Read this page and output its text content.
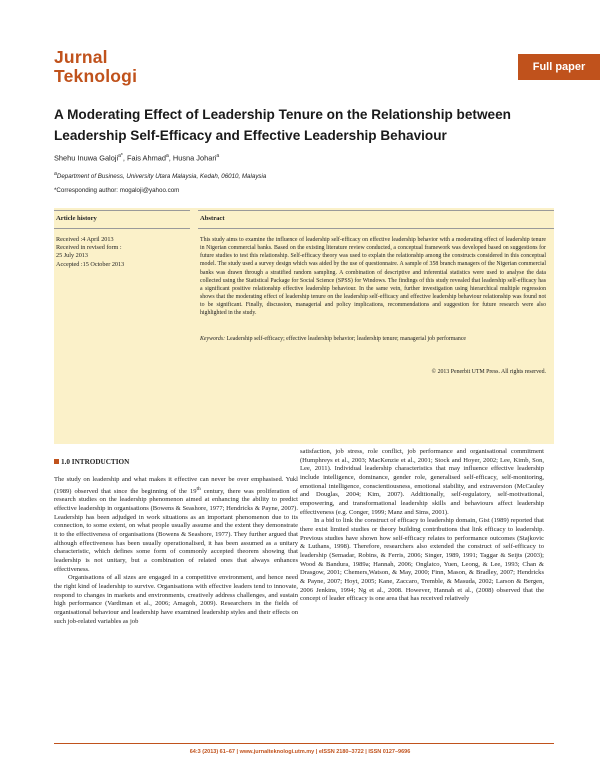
Jurnal
Teknologi	Full paper
A Moderating Effect of Leadership Tenure on the Relationship between Leadership Self-Efficacy and Effective Leadership Behaviour
Shehu Inuwa Galoji$^{a*}$, Fais Ahmad$^a$, Husna Johari$^a$
$^a$Department of Business, University Utara Malaysia, Kedah, 06010, Malaysia
*Corresponding author: mogaloji@yahoo.com
Article history
Received :4 April 2013
Received in revised form :
25 July 2013
Accepted :15 October 2013
Abstract

This study aims to examine the influence of leadership self-efficacy on effective leadership behavior with a moderating effect of leadership tenure in Nigerian commercial banks. Based on the existing literature review conducted, a conceptual framework was developed based on suggestions for future studies to test this relationship. Self-efficacy theory was used to explain the relationship among the constructs considered in this conceptual model. The study used a survey design which was aided by the use of questionnaire. A sample of 358 branch managers of the Nigerian commercial banks was drawn through a stratified random sampling. A combination of descriptive and inferential statistics were used to analyse the data collected using the Statistical Package for Social Science (SPSS) for Windows. The findings of this study revealed that leadership self-efficacy has a significant positive relationship effective leadership behaviour. In the same vein, further investigation using hierarchical multiple regression shows that the moderating effect of leadership tenure on the leadership self-efficacy and effective leadership behaviour relationship was found not to be significant. Finally, discussion, managerial and policy implications, recommendations and suggestion for future research were also highlighted in the study.

Keywords: Leadership self-efficacy; effective leadership behavior; leadership tenure; managerial job performance

© 2013 Penerbit UTM Press. All rights reserved.
1.0 INTRODUCTION

The study on leadership and what makes it effective can never be over emphasised. Yukl (1989) observed that since the beginning of the 19th century, there was proliferation of research studies on the leadership phenomenon aimed at enhancing the ability to predict effective leadership in organisations (Bowens & Seashore, 1977; Hendricks & Payne, 2007). Leadership has been adjudged in work situations as an important phenomenon due to its connection, to some extent, on what people usually assume and the extent they demonstrate it to the effectiveness of organisations (Bowens & Seashore, 1977). They further argued that although effectiveness has been usually operationalised, it has been assumed as a unitary characteristic, which defines some form of commonly accepted theorem showing that leadership is not unitary, but a combination of related ones that always enhances effectiveness.

Organisations of all sizes are engaged in a competitive environment, and hence need the right kind of leadership to survive. Organisations with effective leaders tend to innovate, respond to changes in markets and environments, creatively address challenges, and sustain high performance (Vardiman et al., 2006; Amagoh, 2009). Researchers in the fields of organisational behaviour and leadership have examined leadership styles and their effects on such job-related variables as job

satisfaction, job stress, role conflict, job performance and organisational commitment (Humphreys et al., 2003; MacKenzie et al., 2001; Stock and Hoyer, 2002; Lee, Kimb, Son, Lee, 2011). Individual leadership characteristics that may influence effective leadership include intelligence, dominance, gender role, generalised self-efficacy, self-monitoring, emotional intelligence, conscientiousness, emotional stability, and extraversion (McCauley and Douglas, 2004; Kim, 2007). Additionally, self-regulatory, self-motivational, empowering, and transformational leadership skills and behaviours affect leadership effectiveness (e.g. Conger, 1999; Manz and Sims, 2001).

In a bid to link the construct of efficacy to leadership domain, Gist (1989) reported that there exist limited studies or theory building contributions that link efficacy to leadership. Previous studies have shown how self-efficacy relates to performance outcomes (Stajkovic & Luthans, 1998). Therefore, researchers also extended the construct of self-efficacy to leadership (Semadar, Robins, & Ferris, 2006; Singer, 1989, 1991; Taggar & Seijts (2003); Wood & Bandura, 1989a; Hannah, 2006; Onglatco, Yuen, Leong, & Lee, 1993; Chan & Drasgow, 2001; Chemers,Watson, & May, 2000; Finn, Mason, & Bradley, 2007; Hendricks & Payne, 2007; Hoyt, 2005; Kane, Zaccaro, Tremble, & Masuda, 2002; Larson & Bergen, 2006 Jenkins, 1994; Ng et al., 2008. However, Hannah et al., (2008) observed that the concept of leader efficacy is one area that has received relatively

64:3 (2013) 61–67 | www.jurnalteknologi.utm.my | eISSN 2180–3722 | ISSN 0127–9696
